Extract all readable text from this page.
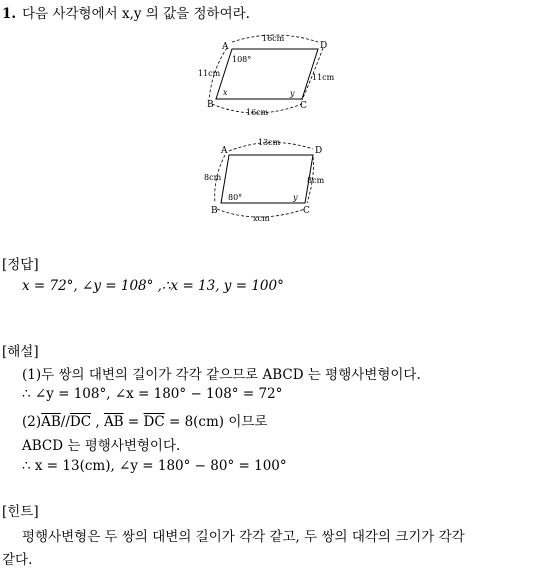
1. 다음 사각형에서 x,y 의 값을 정하여라.
A	D
B	C
16cm
16cm
11cm	11cm
108°
x	y
A	D
B	C
13cm
xcm
8cm	8cm
80°	y
[정답]
x = 72°, ∠y = 108° ,∴x = 13, y = 100°
[해설]
(1)두 쌍의 대변의 길이가 각각 같으므로 ABCD 는 평행사변형이다.
∴ ∠y = 108°, ∠x = 180° − 108° = 72°
$(2)\overline{AB}//\overline{DC}$ , $\overline{AB} = \overline{DC} = 8(cm)$ 이므로
ABCD 는 평행사변형이다.
∴ x = 13(cm), ∠y = 180° − 80° = 100°
[힌트]
평행사변형은 두 쌍의 대변의 길이가 각각 같고, 두 쌍의 대각의 크기가 각각
같다.
